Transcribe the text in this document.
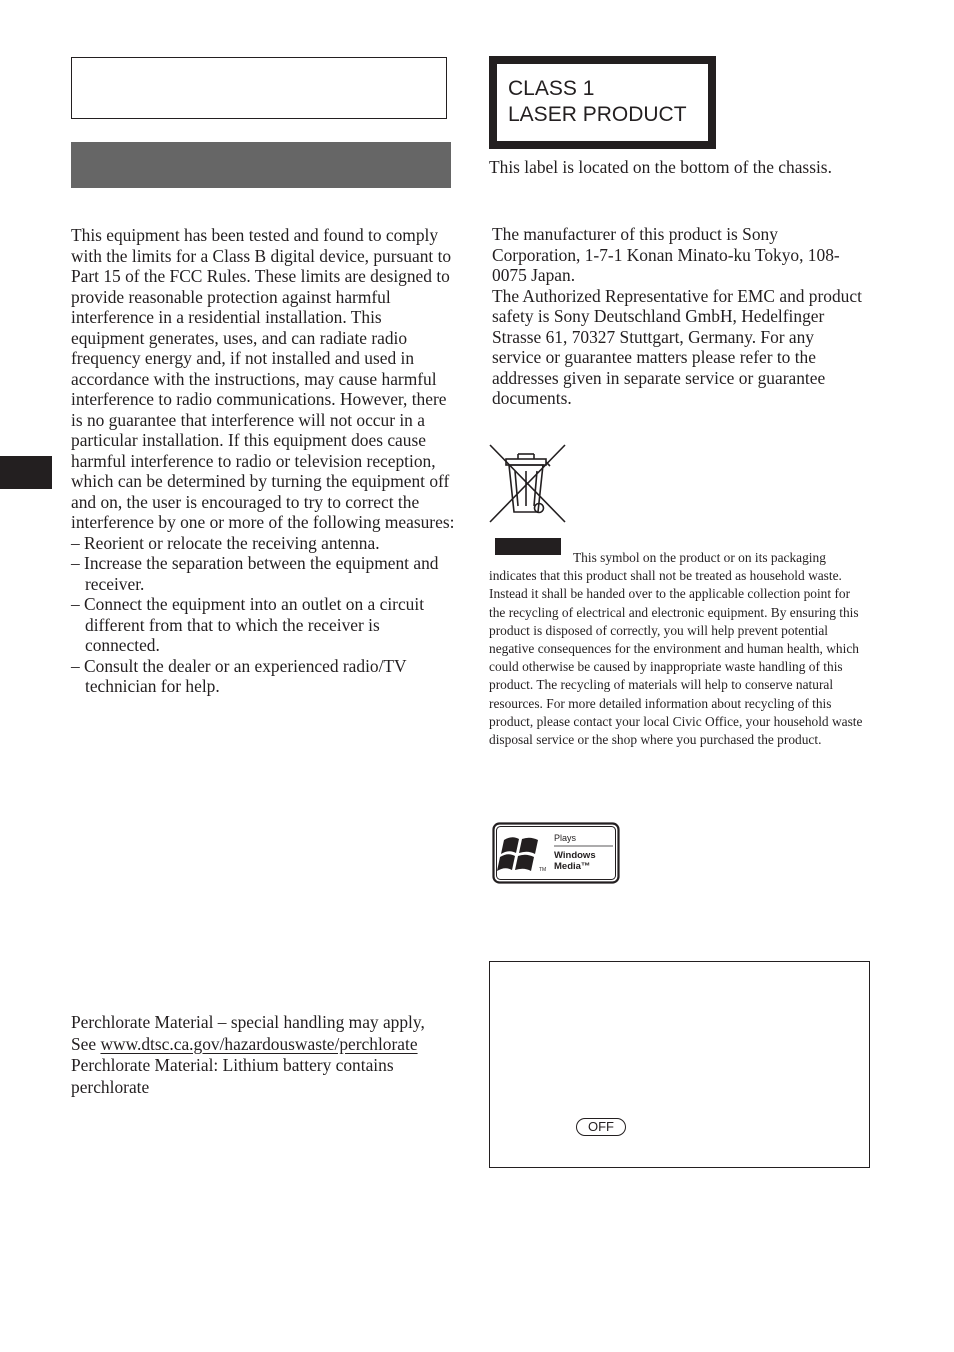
This equipment has been tested and found to comply with the limits for a Class B digital device, pursuant to Part 15 of the FCC Rules. These limits are designed to provide reasonable protection against harmful interference in a residential installation. This equipment generates, uses, and can radiate radio frequency energy and, if not installed and used in accordance with the instructions, may cause harmful interference to radio communications. However, there is no guarantee that interference will not occur in a particular installation. If this equipment does cause harmful interference to radio or television reception, which can be determined by turning the equipment off and on, the user is encouraged to try to correct the interference by one or more of the following measures:

– Reorient or relocate the receiving antenna.
– Increase the separation between the equipment and receiver.
– Connect the equipment into an outlet on a circuit different from that to which the receiver is connected.
– Consult the dealer or an experienced radio/TV technician for help.

Perchlorate Material – special handling may apply,

See www.dtsc.ca.gov/hazardouswaste/perchlorate

Perchlorate Material: Lithium battery contains perchlorate

CLASS 1
LASER PRODUCT
This label is located on the bottom of the chassis.

The manufacturer of this product is Sony Corporation, 1-7-1 Konan Minato-ku Tokyo, 108-0075 Japan.

The Authorized Representative for EMC and product safety is Sony Deutschland GmbH, Hedelfinger Strasse 61, 70327 Stuttgart, Germany. For any service or guarantee matters please refer to the addresses given in separate service or guarantee documents.

This symbol on the product or on its packaging indicates that this product shall not be treated as household waste. Instead it shall be handed over to the applicable collection point for the recycling of electrical and electronic equipment. By ensuring this product is disposed of correctly, you will help prevent potential negative consequences for the environment and human health, which could otherwise be caused by inappropriate waste handling of this product. The recycling of materials will help to conserve natural resources. For more detailed information about recycling of this product, please contact your local Civic Office, your household waste disposal service or the shop where you purchased the product.
Plays
Windows
Media™
TM
OFF
